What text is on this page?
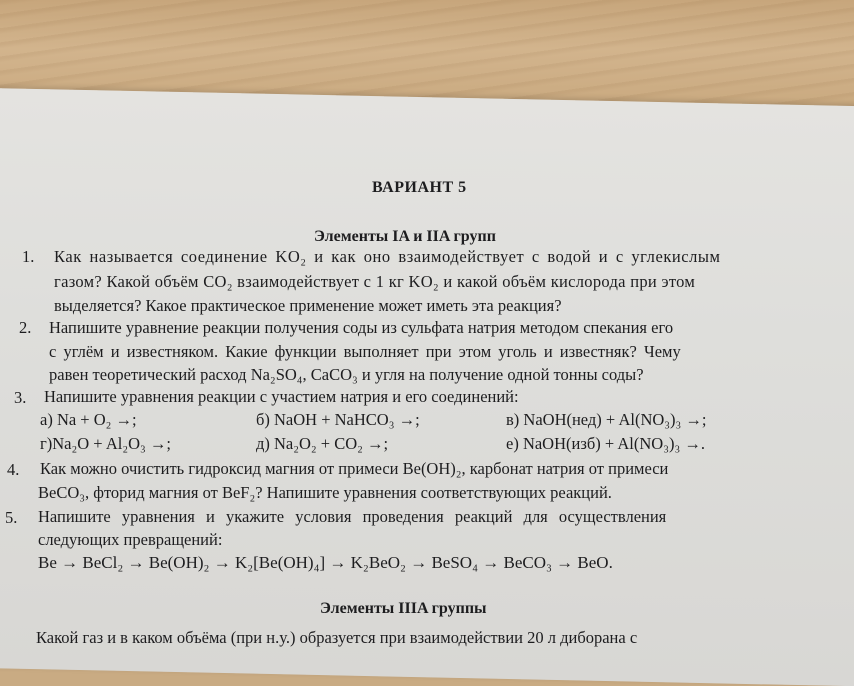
ВАРИАНТ 5
Элементы IA и IIA групп
1. Как называется соединение KO₂ и как оно взаимодействует с водой и с углекислым
газом? Какой объём CO₂ взаимодействует с 1 кг KO₂ и какой объём кислорода при этом
выделяется? Какое практическое применение может иметь эта реакция?
2. Напишите уравнение реакции получения соды из сульфата натрия методом спекания его
с углём и известняком. Какие функции выполняет при этом уголь и известняк? Чему
равен теоретический расход Na₂SO₄, CaCO₃ и угля на получение одной тонны соды?
3. Напишите уравнения реакции с участием натрия и его соединений:
а) Na + O₂ →;	б) NaOH + NaHCO₃ →;	в) NaOH(нед) + Al(NO₃)₃ →;
г)Na₂O + Al₂O₃ →;	д) Na₂O₂ + CO₂ →;	е) NaOH(изб) + Al(NO₃)₃ →.
4. Как можно очистить гидроксид магния от примеси Be(OH)₂, карбонат натрия от примеси
BeCO₃, фторид магния от BeF₂? Напишите уравнения соответствующих реакций.
5. Напишите уравнения и укажите условия проведения реакций для осуществления
следующих превращений:
Be → BeCl₂ → Be(OH)₂ → K₂[Be(OH)₄] → K₂BeO₂ → BeSO₄ → BeCO₃ → BeO.
Элементы IIIA группы
Какой газ и в каком объёма (при н.у.) образуется при взаимодействии 20 л диборана с
